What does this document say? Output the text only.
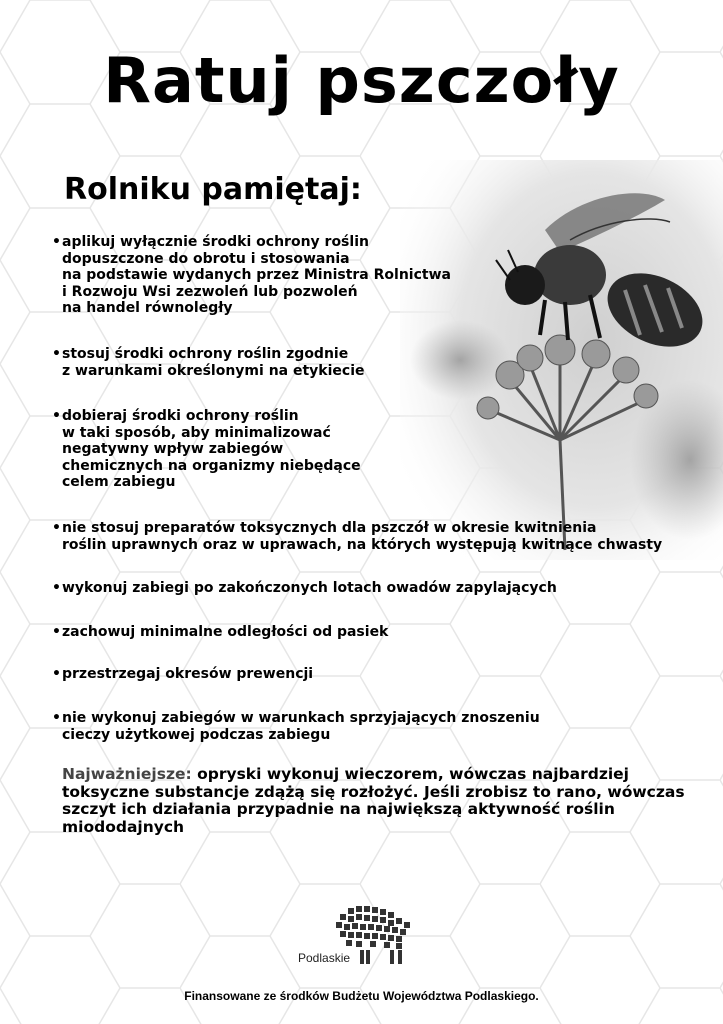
Ratuj pszczoły
Rolniku pamiętaj:
• aplikuj wyłącznie środki ochrony roślin
dopuszczone do obrotu i stosowania
na podstawie wydanych przez Ministra Rolnictwa
i Rozwoju Wsi zezwoleń lub pozwoleń
na handel równoległy
• stosuj środki ochrony roślin zgodnie
z warunkami określonymi na etykiecie
• dobieraj środki ochrony roślin
w taki sposób, aby minimalizować
negatywny wpływ zabiegów
chemicznych na organizmy niebędące
celem zabiegu
• nie stosuj preparatów toksycznych dla pszczół w okresie kwitnienia
roślin uprawnych oraz w uprawach, na których występują kwitnące chwasty
• wykonuj zabiegi po zakończonych lotach owadów zapylających
• zachowuj minimalne odległości od pasiek
• przestrzegaj okresów prewencji
• nie wykonuj zabiegów w warunkach sprzyjających znoszeniu
cieczy użytkowej podczas zabiegu
Najważniejsze: opryski wykonuj wieczorem, wówczas najbardziej toksyczne substancje zdążą się rozłożyć. Jeśli zrobisz to rano, wówczas szczyt ich działania przypadnie na największą aktywność roślin miododajnych
Podlaskie
Finansowane ze środków Budżetu Województwa Podlaskiego.
